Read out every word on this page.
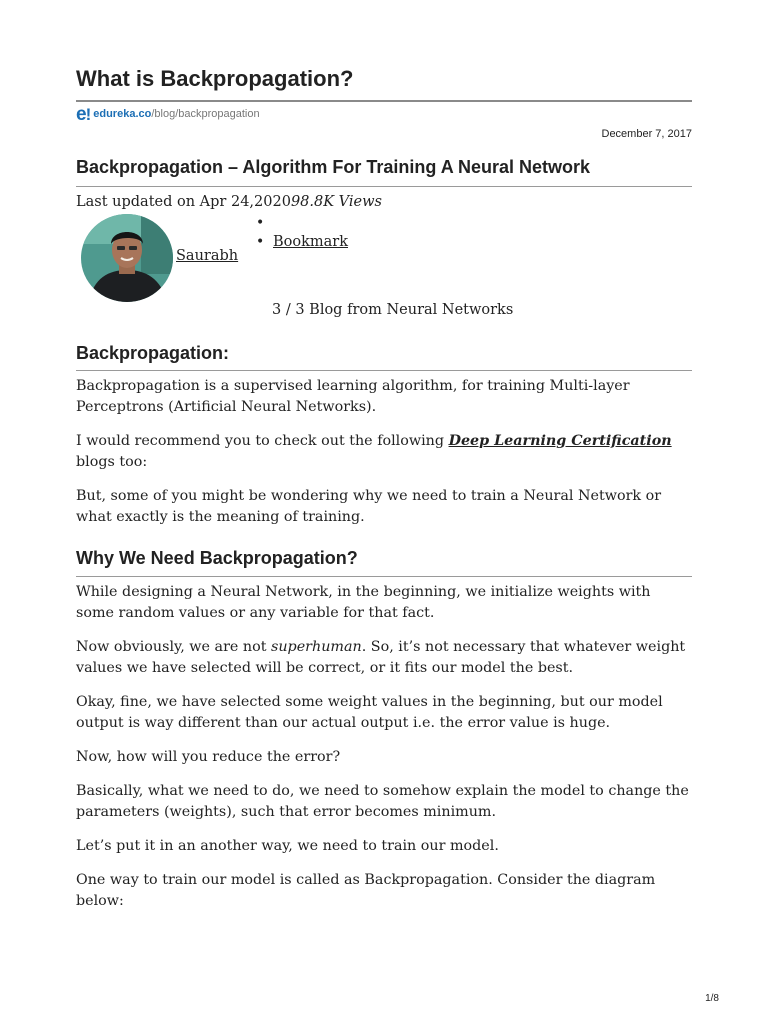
What is Backpropagation?
e ! edureka.co /blog/backpropagation
December 7, 2017
Backpropagation – Algorithm For Training A Neural Network
Last updated on Apr 24,202098.8K Views
Saurabh
•
• Bookmark
3 / 3 Blog from Neural Networks
Backpropagation:

Backpropagation is a supervised learning algorithm, for training Multi-layer Perceptrons (Artificial Neural Networks).

I would recommend you to check out the following Deep Learning Certification blogs too:

But, some of you might be wondering why we need to train a Neural Network or what exactly is the meaning of training.

Why We Need Backpropagation?

While designing a Neural Network, in the beginning, we initialize weights with some random values or any variable for that fact.

Now obviously, we are not superhuman. So, it’s not necessary that whatever weight values we have selected will be correct, or it fits our model the best.

Okay, fine, we have selected some weight values in the beginning, but our model output is way different than our actual output i.e. the error value is huge.

Now, how will you reduce the error?

Basically, what we need to do, we need to somehow explain the model to change the parameters (weights), such that error becomes minimum.

Let’s put it in an another way, we need to train our model.

One way to train our model is called as Backpropagation. Consider the diagram below:

1/8
